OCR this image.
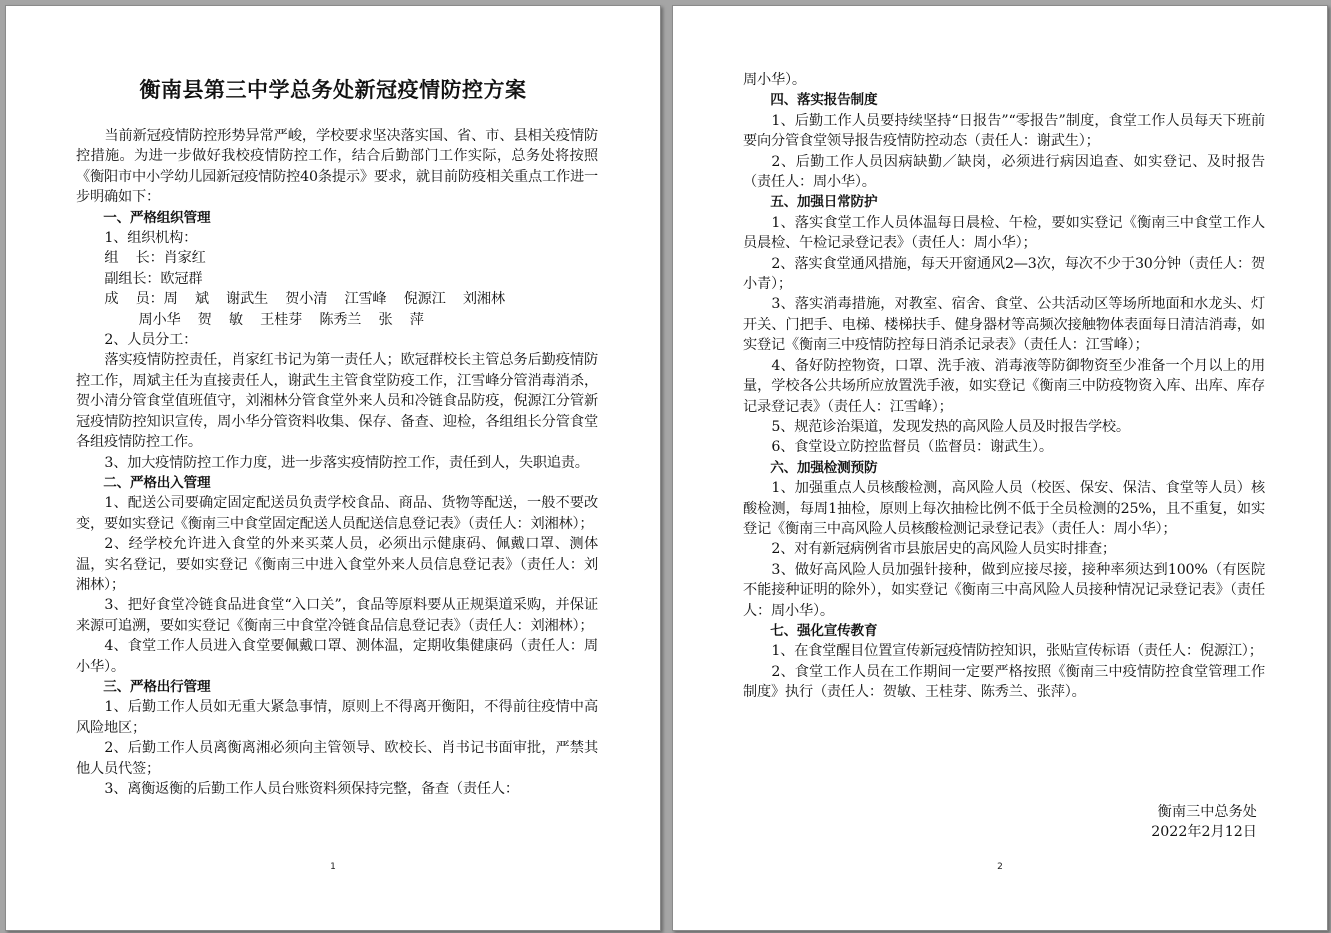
衡南县第三中学总务处新冠疫情防控方案

当前新冠疫情防控形势异常严峻，学校要求坚决落实国、省、市、县相关疫情防控措施。为进一步做好我校疫情防控工作，结合后勤部门工作实际，总务处将按照《衡阳市中小学幼儿园新冠疫情防控40条提示》要求，就目前防疫相关重点工作进一步明确如下：

一、严格组织管理

1、组织机构：

组    长：肖家红

副组长：欧冠群

成    员：周    斌    谢武生    贺小清    江雪峰    倪源江    刘湘林

周小华    贺    敏    王桂芽    陈秀兰    张    萍

2、人员分工：

落实疫情防控责任，肖家红书记为第一责任人；欧冠群校长主管总务后勤疫情防控工作，周斌主任为直接责任人，谢武生主管食堂防疫工作，江雪峰分管消毒消杀，贺小清分管食堂值班值守，刘湘林分管食堂外来人员和冷链食品防疫，倪源江分管新冠疫情防控知识宣传，周小华分管资料收集、保存、备查、迎检，各组组长分管食堂各组疫情防控工作。

3、加大疫情防控工作力度，进一步落实疫情防控工作，责任到人，失职追责。

二、严格出入管理

1、配送公司要确定固定配送员负责学校食品、商品、货物等配送，一般不要改变，要如实登记《衡南三中食堂固定配送人员配送信息登记表》（责任人：刘湘林）；

2、经学校允许进入食堂的外来买菜人员，必须出示健康码、佩戴口罩、测体温，实名登记，要如实登记《衡南三中进入食堂外来人员信息登记表》（责任人：刘湘林）；

3、把好食堂冷链食品进食堂“入口关”，食品等原料要从正规渠道采购，并保证来源可追溯，要如实登记《衡南三中食堂冷链食品信息登记表》（责任人：刘湘林）；

4、食堂工作人员进入食堂要佩戴口罩、测体温，定期收集健康码（责任人：周小华）。

三、严格出行管理

1、后勤工作人员如无重大紧急事情，原则上不得离开衡阳，不得前往疫情中高风险地区；

2、后勤工作人员离衡离湘必须向主管领导、欧校长、肖书记书面审批，严禁其他人员代签；

3、离衡返衡的后勤工作人员台账资料须保持完整，备查（责任人：

1

周小华）。

四、落实报告制度

1、后勤工作人员要持续坚持“日报告”“零报告”制度，食堂工作人员每天下班前要向分管食堂领导报告疫情防控动态（责任人：谢武生）；

2、后勤工作人员因病缺勤／缺岗，必须进行病因追查、如实登记、及时报告（责任人：周小华）。

五、加强日常防护

1、落实食堂工作人员体温每日晨检、午检，要如实登记《衡南三中食堂工作人员晨检、午检记录登记表》（责任人：周小华）；

2、落实食堂通风措施，每天开窗通风2—3次，每次不少于30分钟（责任人：贺小青）；

3、落实消毒措施，对教室、宿舍、食堂、公共活动区等场所地面和水龙头、灯开关、门把手、电梯、楼梯扶手、健身器材等高频次接触物体表面每日清洁消毒，如实登记《衡南三中疫情防控每日消杀记录表》（责任人：江雪峰）；

4、备好防控物资，口罩、洗手液、消毒液等防御物资至少准备一个月以上的用量，学校各公共场所应放置洗手液，如实登记《衡南三中防疫物资入库、出库、库存记录登记表》（责任人：江雪峰）；

5、规范诊治渠道，发现发热的高风险人员及时报告学校。

6、食堂设立防控监督员（监督员：谢武生）。

六、加强检测预防

1、加强重点人员核酸检测，高风险人员（校医、保安、保洁、食堂等人员）核酸检测，每周1抽检，原则上每次抽检比例不低于全员检测的25%，且不重复，如实登记《衡南三中高风险人员核酸检测记录登记表》（责任人：周小华）；

2、对有新冠病例省市县旅居史的高风险人员实时排查；

3、做好高风险人员加强针接种，做到应接尽接，接种率须达到100%（有医院不能接种证明的除外），如实登记《衡南三中高风险人员接种情况记录登记表》（责任人：周小华）。

七、强化宣传教育

1、在食堂醒目位置宣传新冠疫情防控知识，张贴宣传标语（责任人：倪源江）；

2、食堂工作人员在工作期间一定要严格按照《衡南三中疫情防控食堂管理工作制度》执行（责任人：贺敏、王桂芽、陈秀兰、张萍）。

衡南三中总务处
2022年2月12日
2
